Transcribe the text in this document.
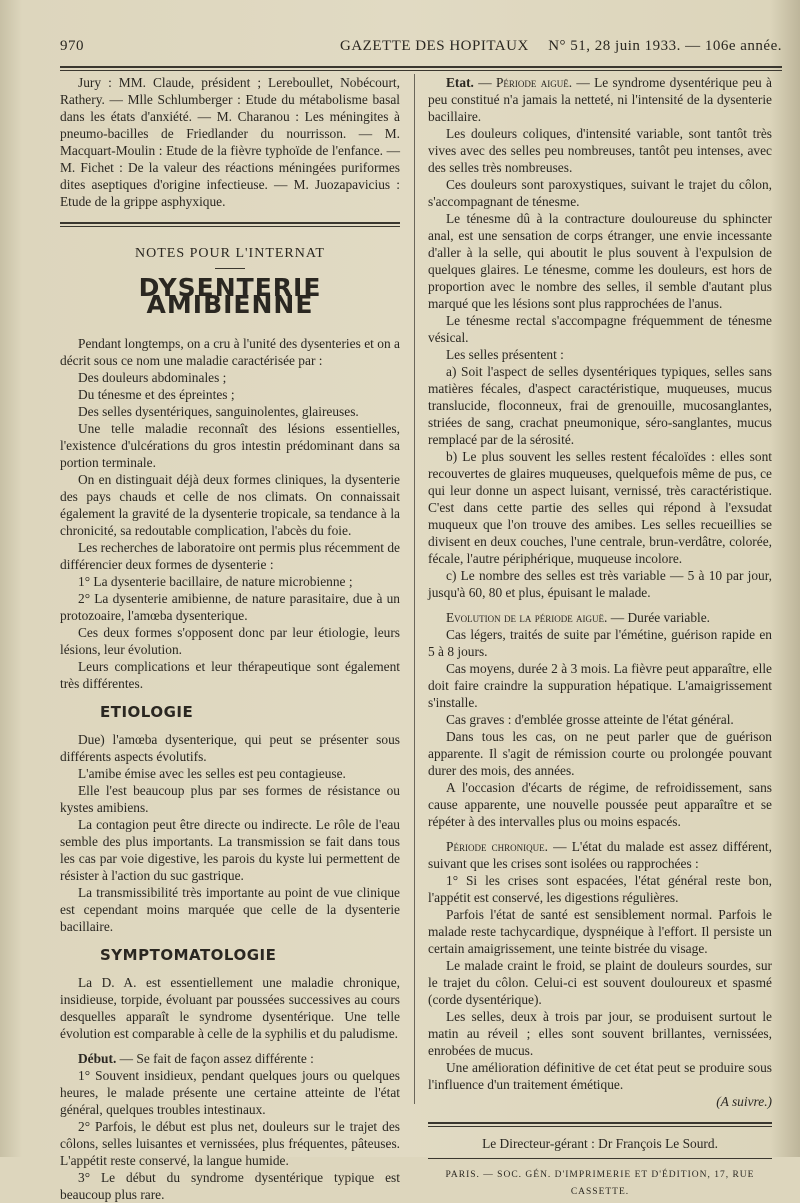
970	GAZETTE DES HOPITAUX N° 51, 28 juin 1933. — 106e année.

Jury : MM. Claude, président ; Lereboullet, Nobécourt, Rathery. — Mlle Schlumberger : Etude du métabolisme basal dans les états d'anxiété. — M. Charanou : Les méningites à pneumo-bacilles de Friedlander du nourrisson. — M. Macquart-Moulin : Etude de la fièvre typhoïde de l'enfance. — M. Fichet : De la valeur des réactions méningées puriformes dites aseptiques d'origine infectieuse. — M. Juozapavicius : Etude de la grippe asphyxique.

NOTES POUR L'INTERNAT
DYSENTERIE AMIBIENNE

Pendant longtemps, on a cru à l'unité des dysenteries et on a décrit sous ce nom une maladie caractérisée par :

Des douleurs abdominales ;

Du ténesme et des épreintes ;

Des selles dysentériques, sanguinolentes, glaireuses.

Une telle maladie reconnaît des lésions essentielles, l'existence d'ulcérations du gros intestin prédominant dans sa portion terminale.

On en distinguait déjà deux formes cliniques, la dysenterie des pays chauds et celle de nos climats. On connaissait également la gravité de la dysenterie tropicale, sa tendance à la chronicité, sa redoutable complication, l'abcès du foie.

Les recherches de laboratoire ont permis plus récemment de différencier deux formes de dysenterie :

1° La dysenterie bacillaire, de nature microbienne ;

2° La dysenterie amibienne, de nature parasitaire, due à un protozoaire, l'amœba dysenterique.

Ces deux formes s'opposent donc par leur étiologie, leurs lésions, leur évolution.

Leurs complications et leur thérapeutique sont également très différentes.

ETIOLOGIE

Due) l'amœba dysenterique, qui peut se présenter sous différents aspects évolutifs.

L'amibe émise avec les selles est peu contagieuse.

Elle l'est beaucoup plus par ses formes de résistance ou kystes amibiens.

La contagion peut être directe ou indirecte. Le rôle de l'eau semble des plus importants. La transmission se fait dans tous les cas par voie digestive, les parois du kyste lui permettent de résister à l'action du suc gastrique.

La transmissibilité très importante au point de vue clinique est cependant moins marquée que celle de la dysenterie bacillaire.

SYMPTOMATOLOGIE

La D. A. est essentiellement une maladie chronique, insidieuse, torpide, évoluant par poussées successives au cours desquelles apparaît le syndrome dysentérique. Une telle évolution est comparable à celle de la syphilis et du paludisme.

Début. — Se fait de façon assez différente :

1° Souvent insidieux, pendant quelques jours ou quelques heures, le malade présente une certaine atteinte de l'état général, quelques troubles intestinaux.

2° Parfois, le début est plus net, douleurs sur le trajet des côlons, selles luisantes et vernissées, plus fréquentes, pâteuses. L'appétit reste conservé, la langue humide.

3° Le début du syndrome dysentérique typique est beaucoup plus rare.

Etat. — Période aiguë. — Le syndrome dysentérique peu à peu constitué n'a jamais la netteté, ni l'intensité de la dysenterie bacillaire.

Les douleurs coliques, d'intensité variable, sont tantôt très vives avec des selles peu nombreuses, tantôt peu intenses, avec des selles très nombreuses.

Ces douleurs sont paroxystiques, suivant le trajet du côlon, s'accompagnant de ténesme.

Le ténesme dû à la contracture douloureuse du sphincter anal, est une sensation de corps étranger, une envie incessante d'aller à la selle, qui aboutit le plus souvent à l'expulsion de quelques glaires. Le ténesme, comme les douleurs, est hors de proportion avec le nombre des selles, il semble d'autant plus marqué que les lésions sont plus rapprochées de l'anus.

Le ténesme rectal s'accompagne fréquemment de ténesme vésical.

Les selles présentent :

a) Soit l'aspect de selles dysentériques typiques, selles sans matières fécales, d'aspect caractéristique, muqueuses, mucus translucide, floconneux, frai de grenouille, mucosanglantes, striées de sang, crachat pneumonique, séro-sanglantes, mucus remplacé par de la sérosité.

b) Le plus souvent les selles restent fécaloïdes : elles sont recouvertes de glaires muqueuses, quelquefois même de pus, ce qui leur donne un aspect luisant, vernissé, très caractéristique. C'est dans cette partie des selles qui répond à l'exsudat muqueux que l'on trouve des amibes. Les selles recueillies se divisent en deux couches, l'une centrale, brun-verdâtre, colorée, fécale, l'autre périphérique, muqueuse incolore.

c) Le nombre des selles est très variable — 5 à 10 par jour, jusqu'à 60, 80 et plus, épuisant le malade.

Evolution de la période aiguë. — Durée variable.

Cas légers, traités de suite par l'émétine, guérison rapide en 5 à 8 jours.

Cas moyens, durée 2 à 3 mois. La fièvre peut apparaître, elle doit faire craindre la suppuration hépatique. L'amaigrissement s'installe.

Cas graves : d'emblée grosse atteinte de l'état général.

Dans tous les cas, on ne peut parler que de guérison apparente. Il s'agit de rémission courte ou prolongée pouvant durer des mois, des années.

A l'occasion d'écarts de régime, de refroidissement, sans cause apparente, une nouvelle poussée peut apparaître et se répéter à des intervalles plus ou moins espacés.

Période chronique. — L'état du malade est assez différent, suivant que les crises sont isolées ou rapprochées :

1° Si les crises sont espacées, l'état général reste bon, l'appétit est conservé, les digestions régulières.

Parfois l'état de santé est sensiblement normal. Parfois le malade reste tachycardique, dyspnéique à l'effort. Il persiste un certain amaigrissement, une teinte bistrée du visage.

Le malade craint le froid, se plaint de douleurs sourdes, sur le trajet du côlon. Celui-ci est souvent douloureux et spasmé (corde dysentérique).

Les selles, deux à trois par jour, se produisent surtout le matin au réveil ; elles sont souvent brillantes, vernissées, enrobées de mucus.

Une amélioration définitive de cet état peut se produire sous l'influence d'un traitement émétique.

(A suivre.)

Le Directeur-gérant : Dr François Le Sourd.
PARIS. — SOC. GÉN. D'IMPRIMERIE ET D'ÉDITION, 17, RUE CASSETTE.
